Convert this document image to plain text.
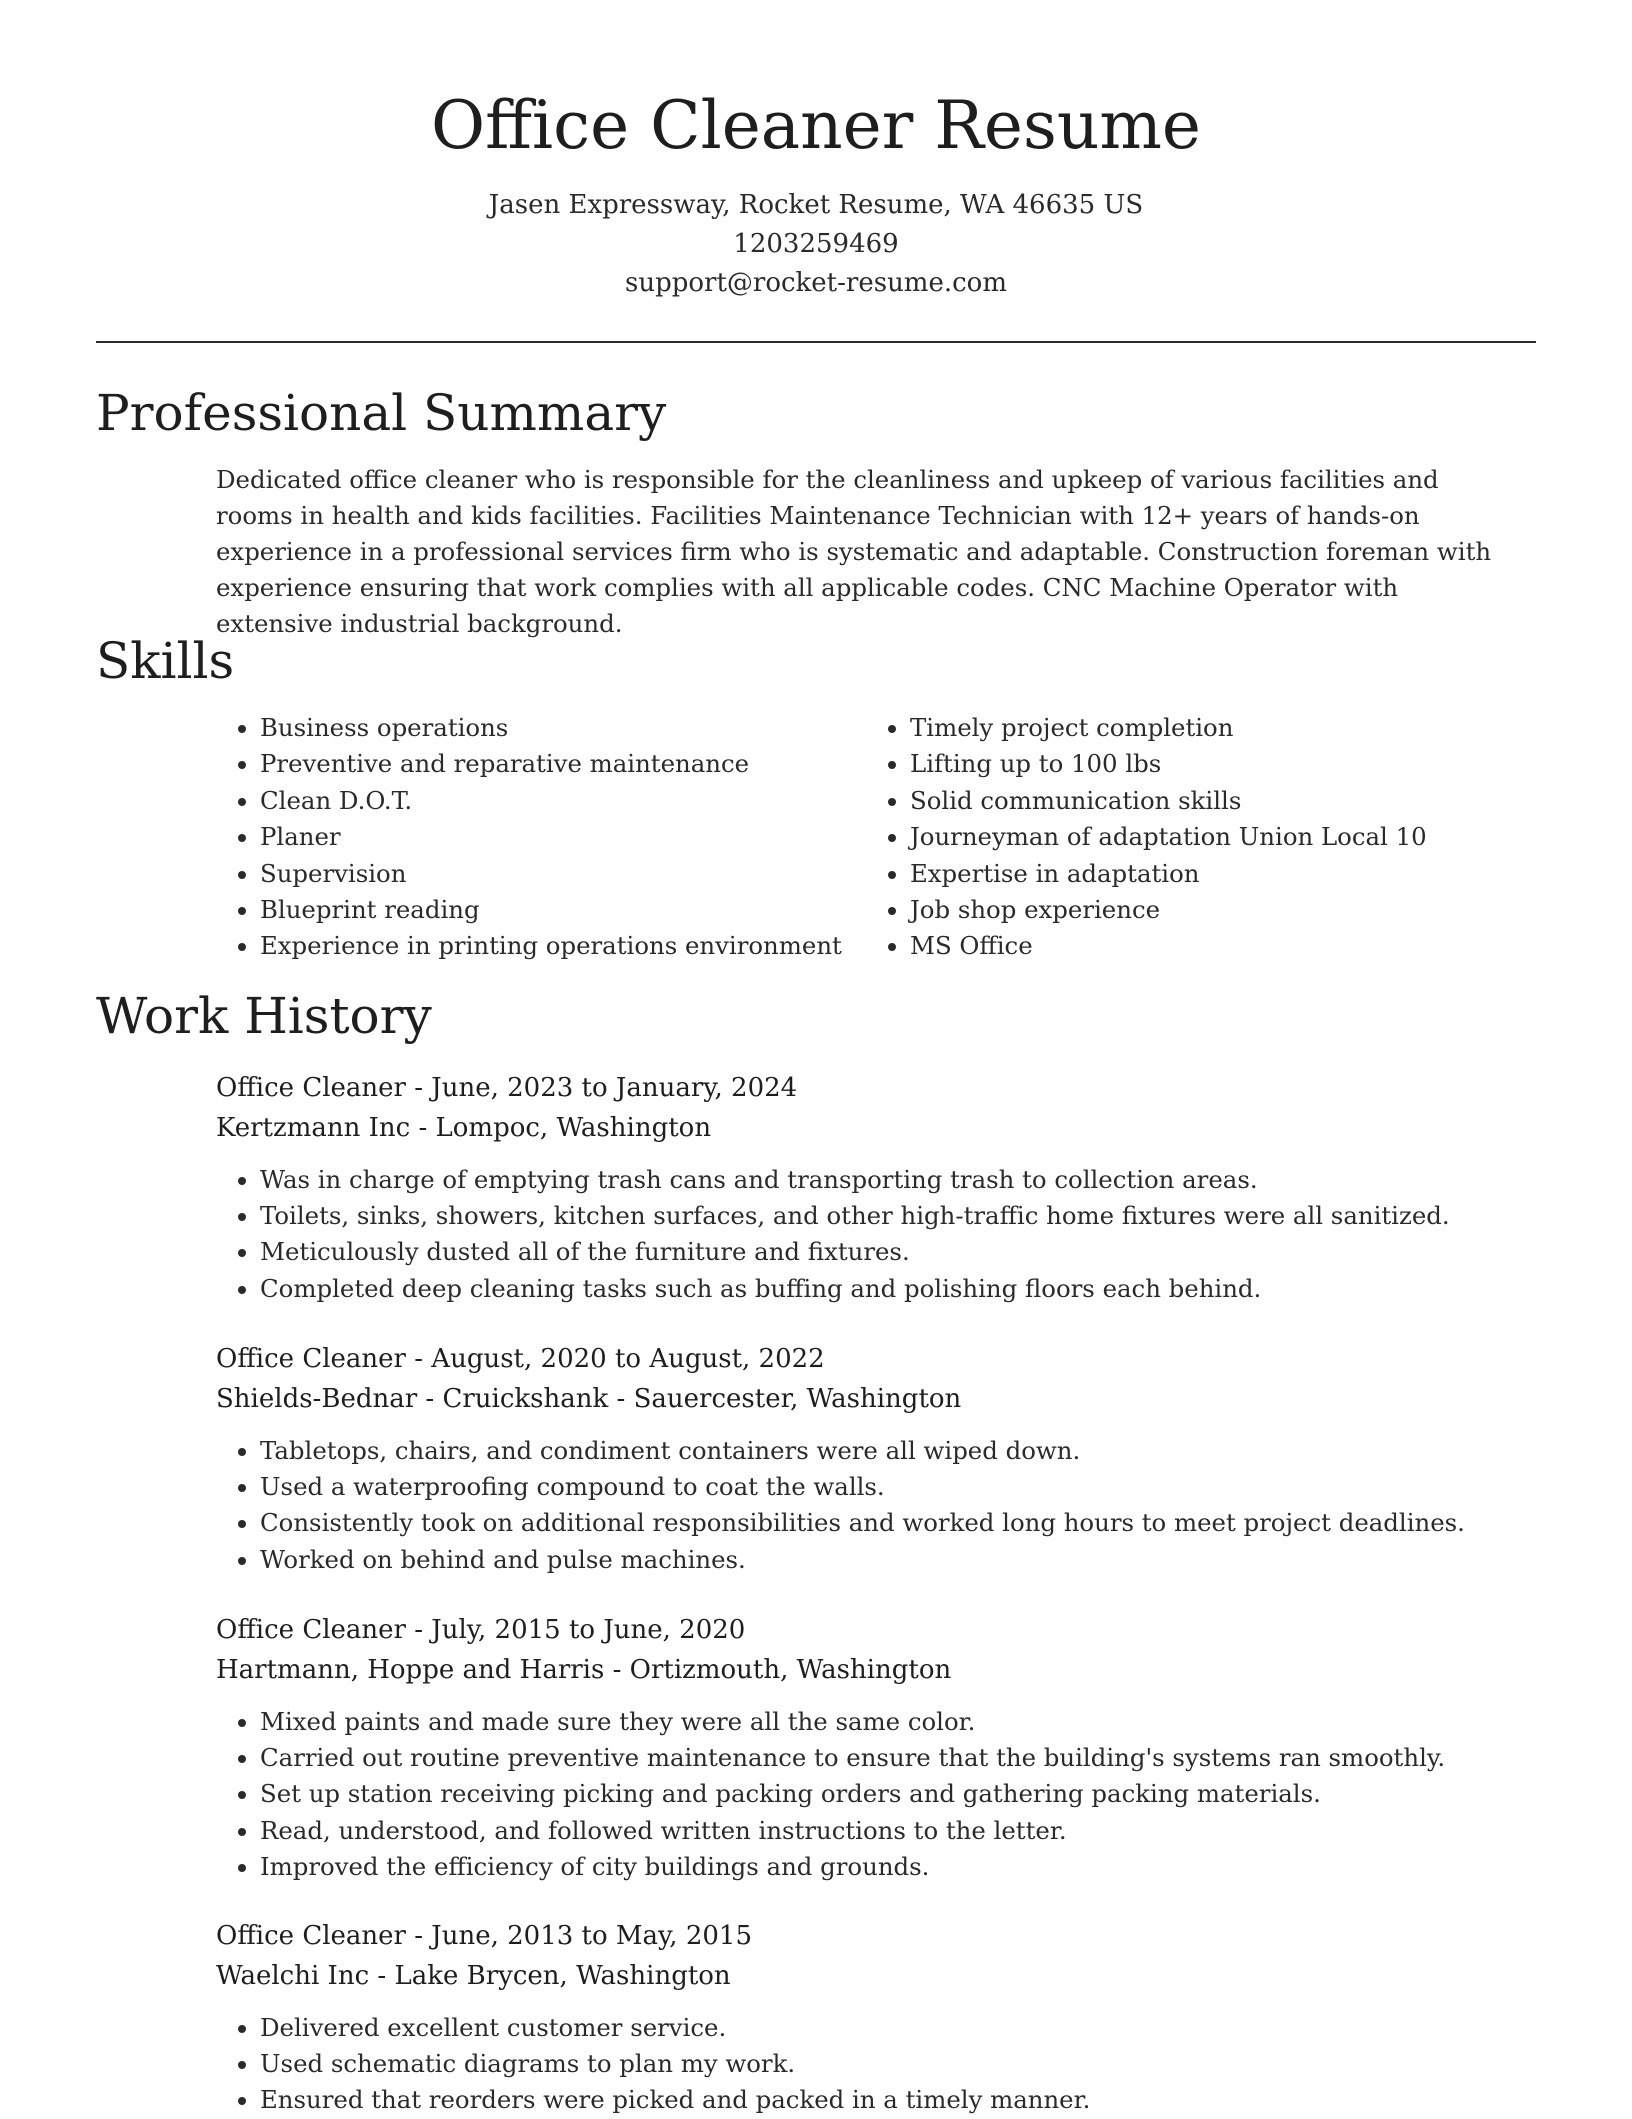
Office Cleaner Resume
Jasen Expressway, Rocket Resume, WA 46635 US
1203259469
support@rocket-resume.com
Professional Summary

Dedicated office cleaner who is responsible for the cleanliness and upkeep of various facilities and rooms in health and kids facilities. Facilities Maintenance Technician with 12+ years of hands-on experience in a professional services firm who is systematic and adaptable. Construction foreman with experience ensuring that work complies with all applicable codes. CNC Machine Operator with extensive industrial background.

Skills
• Business operations
• Preventive and reparative maintenance
• Clean D.O.T.
• Planer
• Supervision
• Blueprint reading
• Experience in printing operations environment
• Timely project completion
• Lifting up to 100 lbs
• Solid communication skills
• Journeyman of adaptation Union Local 10
• Expertise in adaptation
• Job shop experience
• MS Office
Work History
Office Cleaner - June, 2023 to January, 2024
Kertzmann Inc - Lompoc, Washington
• Was in charge of emptying trash cans and transporting trash to collection areas.
• Toilets, sinks, showers, kitchen surfaces, and other high-traffic home fixtures were all sanitized.
• Meticulously dusted all of the furniture and fixtures.
• Completed deep cleaning tasks such as buffing and polishing floors each behind.
Office Cleaner - August, 2020 to August, 2022
Shields-Bednar - Cruickshank - Sauercester, Washington
• Tabletops, chairs, and condiment containers were all wiped down.
• Used a waterproofing compound to coat the walls.
• Consistently took on additional responsibilities and worked long hours to meet project deadlines.
• Worked on behind and pulse machines.
Office Cleaner - July, 2015 to June, 2020
Hartmann, Hoppe and Harris - Ortizmouth, Washington
• Mixed paints and made sure they were all the same color.
• Carried out routine preventive maintenance to ensure that the building's systems ran smoothly.
• Set up station receiving picking and packing orders and gathering packing materials.
• Read, understood, and followed written instructions to the letter.
• Improved the efficiency of city buildings and grounds.
Office Cleaner - June, 2013 to May, 2015
Waelchi Inc - Lake Brycen, Washington
• Delivered excellent customer service.
• Used schematic diagrams to plan my work.
• Ensured that reorders were picked and packed in a timely manner.
